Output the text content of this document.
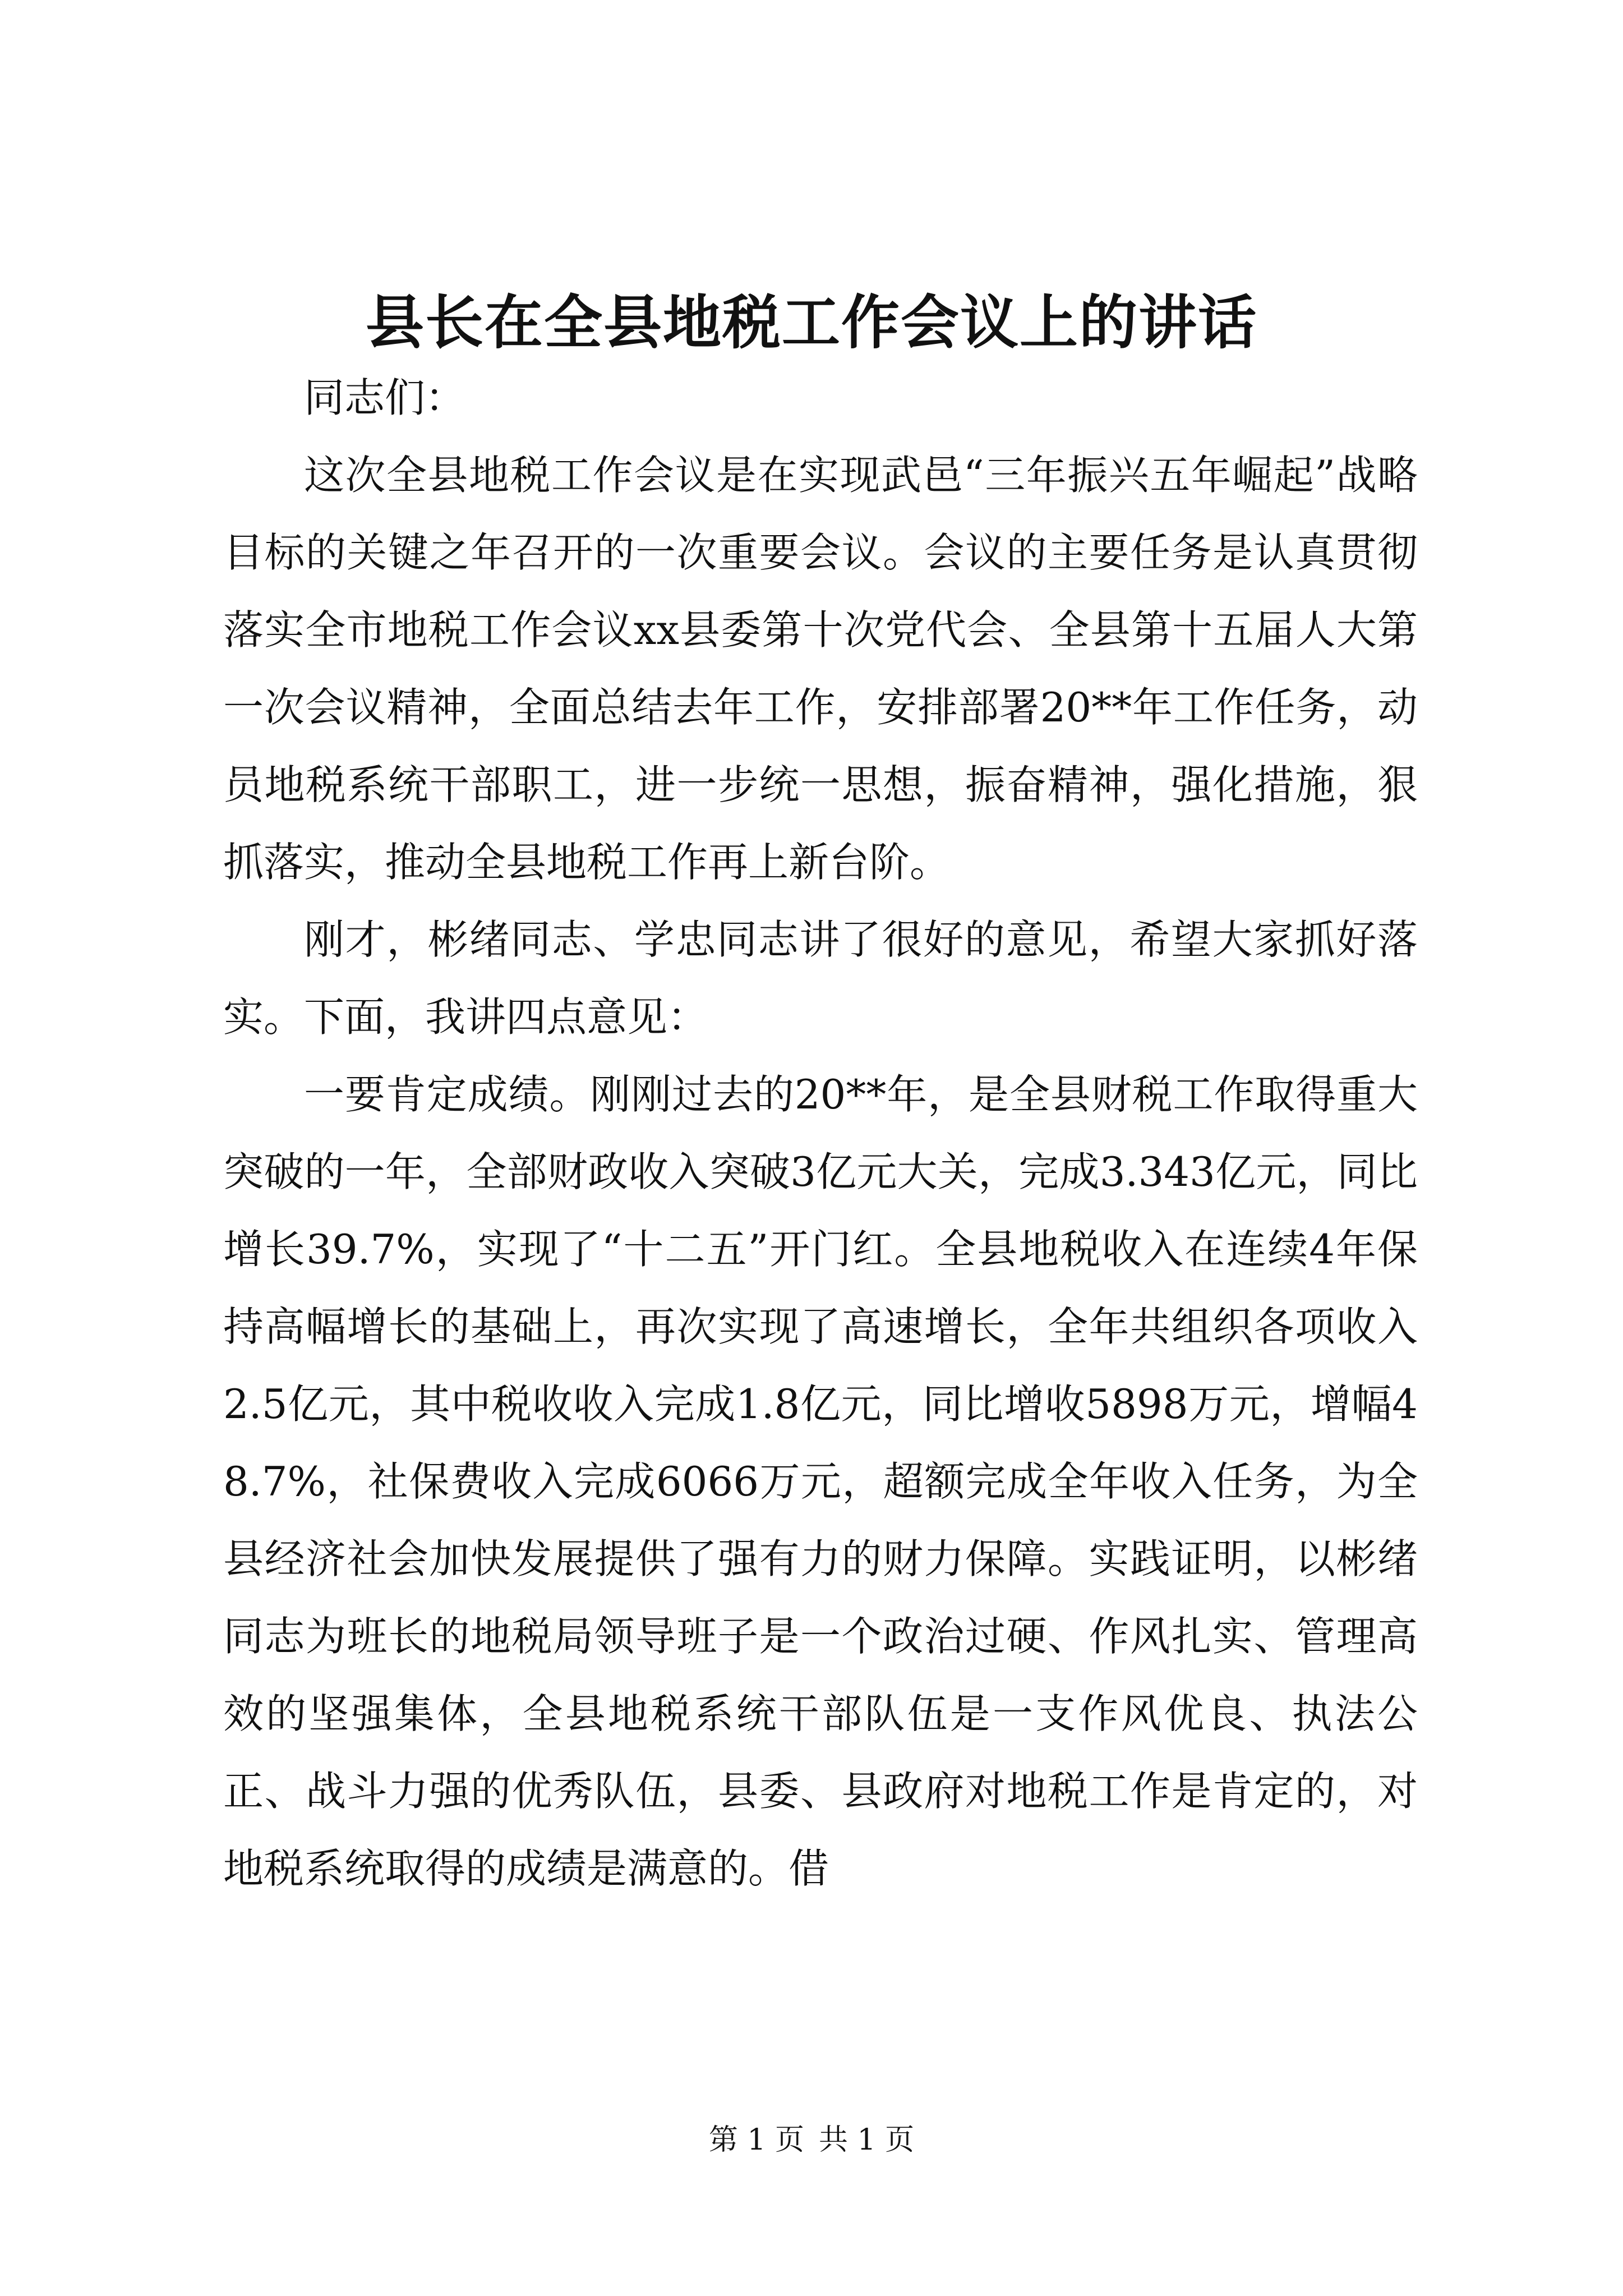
县长在全县地税工作会议上的讲话

同志们：

这次全县地税工作会议是在实现武邑“三年振兴五年崛起”战略目标的关键之年召开的一次重要会议。会议的主要任务是认真贯彻落实全市地税工作会议xx县委第十次党代会、全县第十五届人大第一次会议精神，全面总结去年工作，安排部署20**年工作任务，动员地税系统干部职工，进一步统一思想，振奋精神，强化措施，狠抓落实，推动全县地税工作再上新台阶。

刚才，彬绪同志、学忠同志讲了很好的意见，希望大家抓好落实。下面，我讲四点意见：

一要肯定成绩。刚刚过去的20**年，是全县财税工作取得重大突破的一年，全部财政收入突破3亿元大关，完成3.343亿元，同比增长39.7%，实现了“十二五”开门红。全县地税收入在连续4年保持高幅增长的基础上，再次实现了高速增长，全年共组织各项收入2.5亿元，其中税收收入完成1.8亿元，同比增收5898万元，增幅48.7%，社保费收入完成6066万元，超额完成全年收入任务，为全县经济社会加快发展提供了强有力的财力保障。实践证明，以彬绪同志为班长的地税局领导班子是一个政治过硬、作风扎实、管理高效的坚强集体，全县地税系统干部队伍是一支作风优良、执法公正、战斗力强的优秀队伍，县委、县政府对地税工作是肯定的，对地税系统取得的成绩是满意的。借

第 1 页 共 1 页
